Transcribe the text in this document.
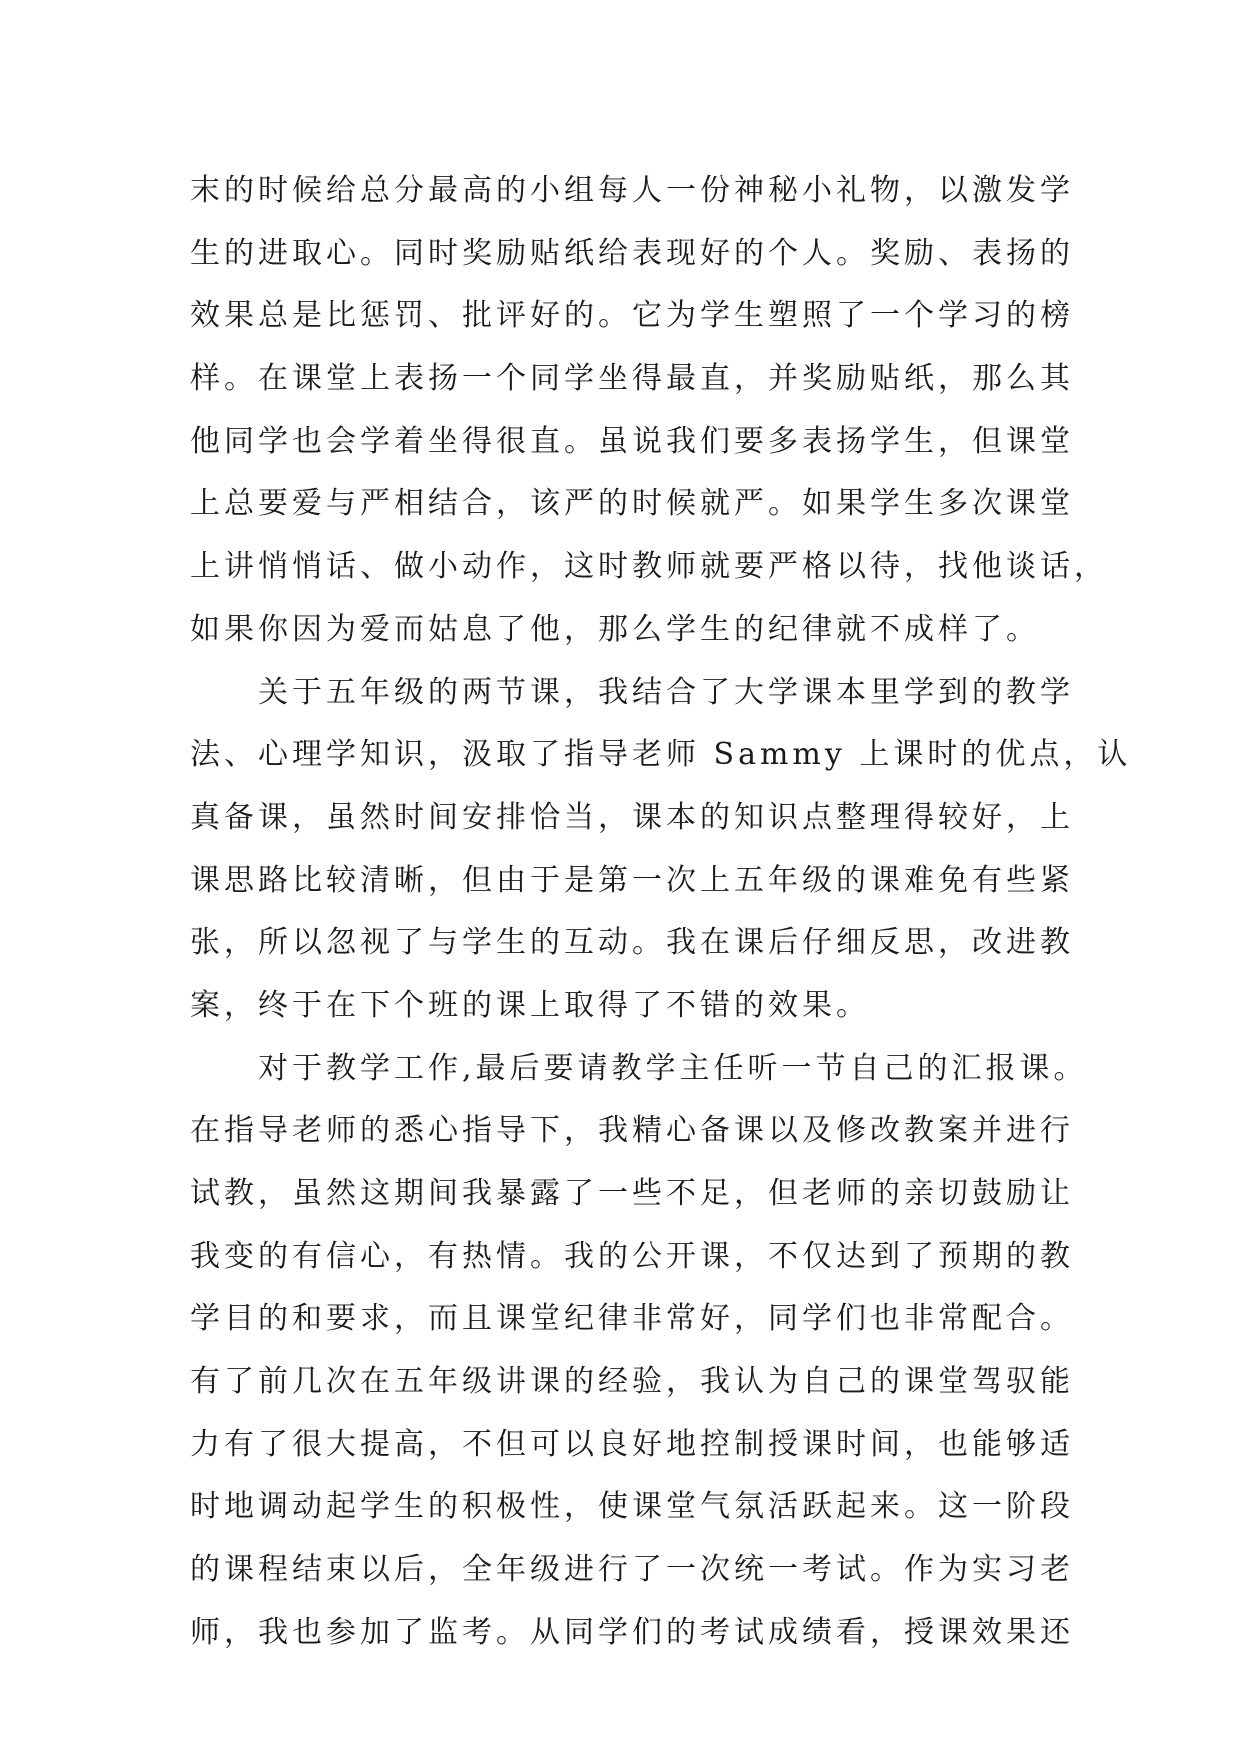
末的时候给总分最高的小组每人一份神秘小礼物，以激发学
生的进取心。同时奖励贴纸给表现好的个人。奖励、表扬的
效果总是比惩罚、批评好的。它为学生塑照了一个学习的榜
样。在课堂上表扬一个同学坐得最直，并奖励贴纸，那么其
他同学也会学着坐得很直。虽说我们要多表扬学生，但课堂
上总要爱与严相结合，该严的时候就严。如果学生多次课堂
上讲悄悄话、做小动作，这时教师就要严格以待，找他谈话，
如果你因为爱而姑息了他，那么学生的纪律就不成样了。
　　关于五年级的两节课，我结合了大学课本里学到的教学
法、心理学知识，汲取了指导老师 Sammy 上课时的优点，认
真备课，虽然时间安排恰当，课本的知识点整理得较好，上
课思路比较清晰，但由于是第一次上五年级的课难免有些紧
张，所以忽视了与学生的互动。我在课后仔细反思，改进教
案，终于在下个班的课上取得了不错的效果。
　　对于教学工作,最后要请教学主任听一节自己的汇报课。
在指导老师的悉心指导下，我精心备课以及修改教案并进行
试教，虽然这期间我暴露了一些不足，但老师的亲切鼓励让
我变的有信心，有热情。我的公开课，不仅达到了预期的教
学目的和要求，而且课堂纪律非常好，同学们也非常配合。
有了前几次在五年级讲课的经验，我认为自己的课堂驾驭能
力有了很大提高，不但可以良好地控制授课时间，也能够适
时地调动起学生的积极性，使课堂气氛活跃起来。这一阶段
的课程结束以后，全年级进行了一次统一考试。作为实习老
师，我也参加了监考。从同学们的考试成绩看，授课效果还
